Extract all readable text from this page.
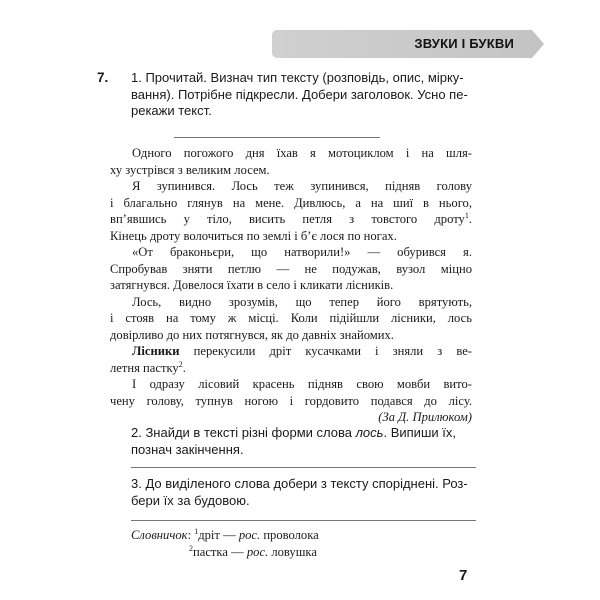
ЗВУКИ І БУКВИ
7. 1. Прочитай. Визнач тип тексту (розповідь, опис, мірку-
вання). Потрібне підкресли. Добери заголовок. Усно пе-
рекажи текст.
Одного погожого дня їхав я мотоциклом і на шля-
ху зустрівся з великим лосем.
Я зупинився. Лось теж зупинився, підняв голову
і благально глянув на мене. Дивлюсь, а на шиї в нього,
вп’явшись у тіло, висить петля з товстого дроту$^1$.
Кінець дроту волочиться по землі і б’є лося по ногах.
«От браконьєри, що натворили!» — обурився я.
Спробував зняти петлю — не подужав, вузол міцно
затягнувся. Довелося їхати в село і кликати лісників.
Лось, видно зрозумів, що тепер його врятують,
і стояв на тому ж місці. Коли підійшли лісники, лось
довірливо до них потягнувся, як до давніх знайомих.
Лісники перекусили дріт кусачками і зняли з ве-
летня пастку$^2$.
І одразу лісовий красень підняв свою мовби вито-
чену голову, тупнув ногою і гордовито подався до лісу.
(За Д. Прилюком)
2. Знайди в тексті різні форми слова лось. Випиши їх,
познач закінчення.
3. До виділеного слова добери з тексту споріднені. Роз-
бери їх за будовою.
Словничок: $^1$дріт — рос. проволока
$^2$пастка — рос. ловушка
7
